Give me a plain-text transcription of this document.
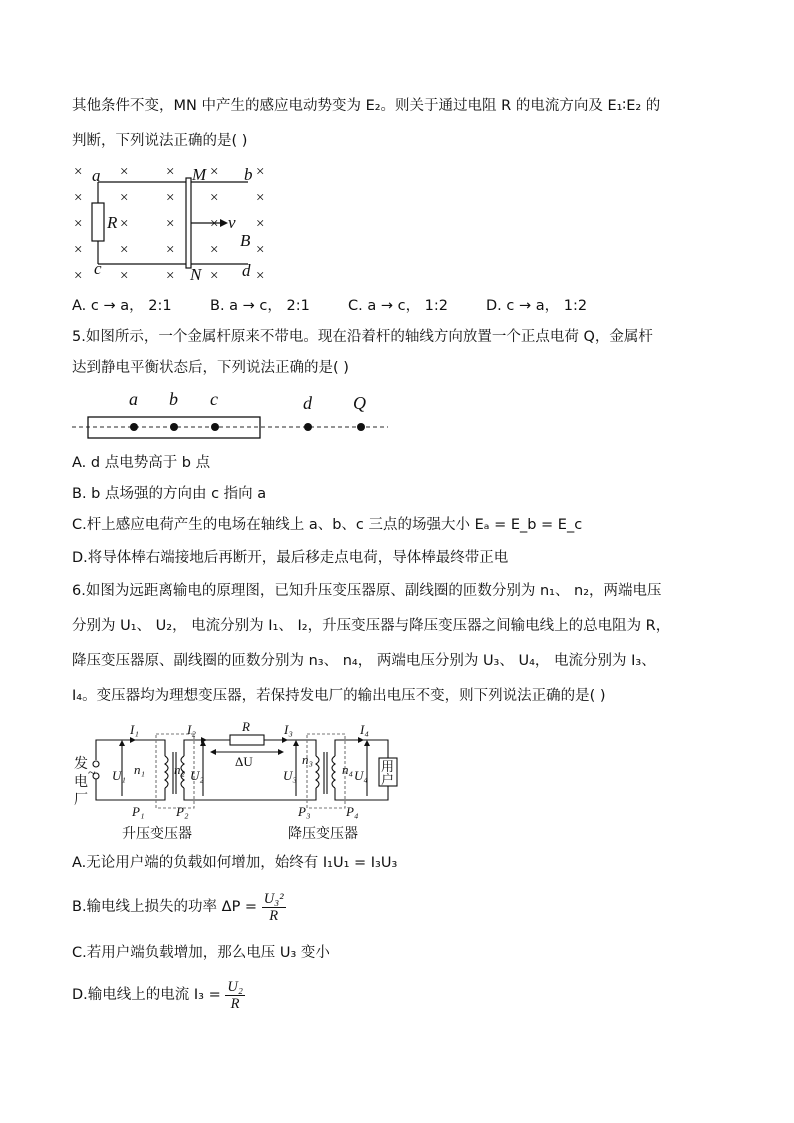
其他条件不变，MN 中产生的感应电动势变为 E₂。则关于通过电阻 R 的电流方向及 E₁∶E₂ 的
判断，下列说法正确的是( )
×	×	× ×	×
×	×	× ×	×
×	×	× ×	×
×	×	× ×	×
×	×	× ×	×
a	b
c	d
M
N
R	v
B
A. c → a， 2:1	B. a → c， 2:1	C. a → c， 1:2	D. c → a， 1:2
5.如图所示，一个金属杆原来不带电。现在沿着杆的轴线方向放置一个正点电荷 Q，金属杆
达到静电平衡状态后，下列说法正确的是( )
a b c	d Q
A. d 点电势高于 b 点
B. b 点场强的方向由 c 指向 a
C.杆上感应电荷产生的电场在轴线上 a、b、c 三点的场强大小 Eₐ = E_b = E_c
D.将导体棒右端接地后再断开，最后移走点电荷，导体棒最终带正电
6.如图为远距离输电的原理图，已知升压变压器原、副线圈的匝数分别为 n₁、 n₂，两端电压
分别为 U₁、 U₂， 电流分别为 I₁、 I₂，升压变压器与降压变压器之间输电线上的总电阻为 R，
降压变压器原、副线圈的匝数分别为 n₃、 n₄， 两端电压分别为 U₃、 U₄， 电流分别为 I₃、
I₄。变压器均为理想变压器，若保持发电厂的输出电压不变，则下列说法正确的是( )
I₁	I₂	I₃	I₄
U₁	U₂	U₃	U₄
n₁ n₂
n₃
n₄
P₁ P₂	P₃	P₄
R
ΔU
发
电
厂
~	用
户
升压变压器	降压变压器
A.无论用户端的负载如何增加，始终有 I₁U₁ = I₃U₃
B.输电线上损失的功率 $\Delta P = \frac{\text{U₃²}}{R}$
C.若用户端负载增加，那么电压 U₃ 变小
D.输电线上的电流 $I_3 = \frac{\text{U₂}}{R}$
